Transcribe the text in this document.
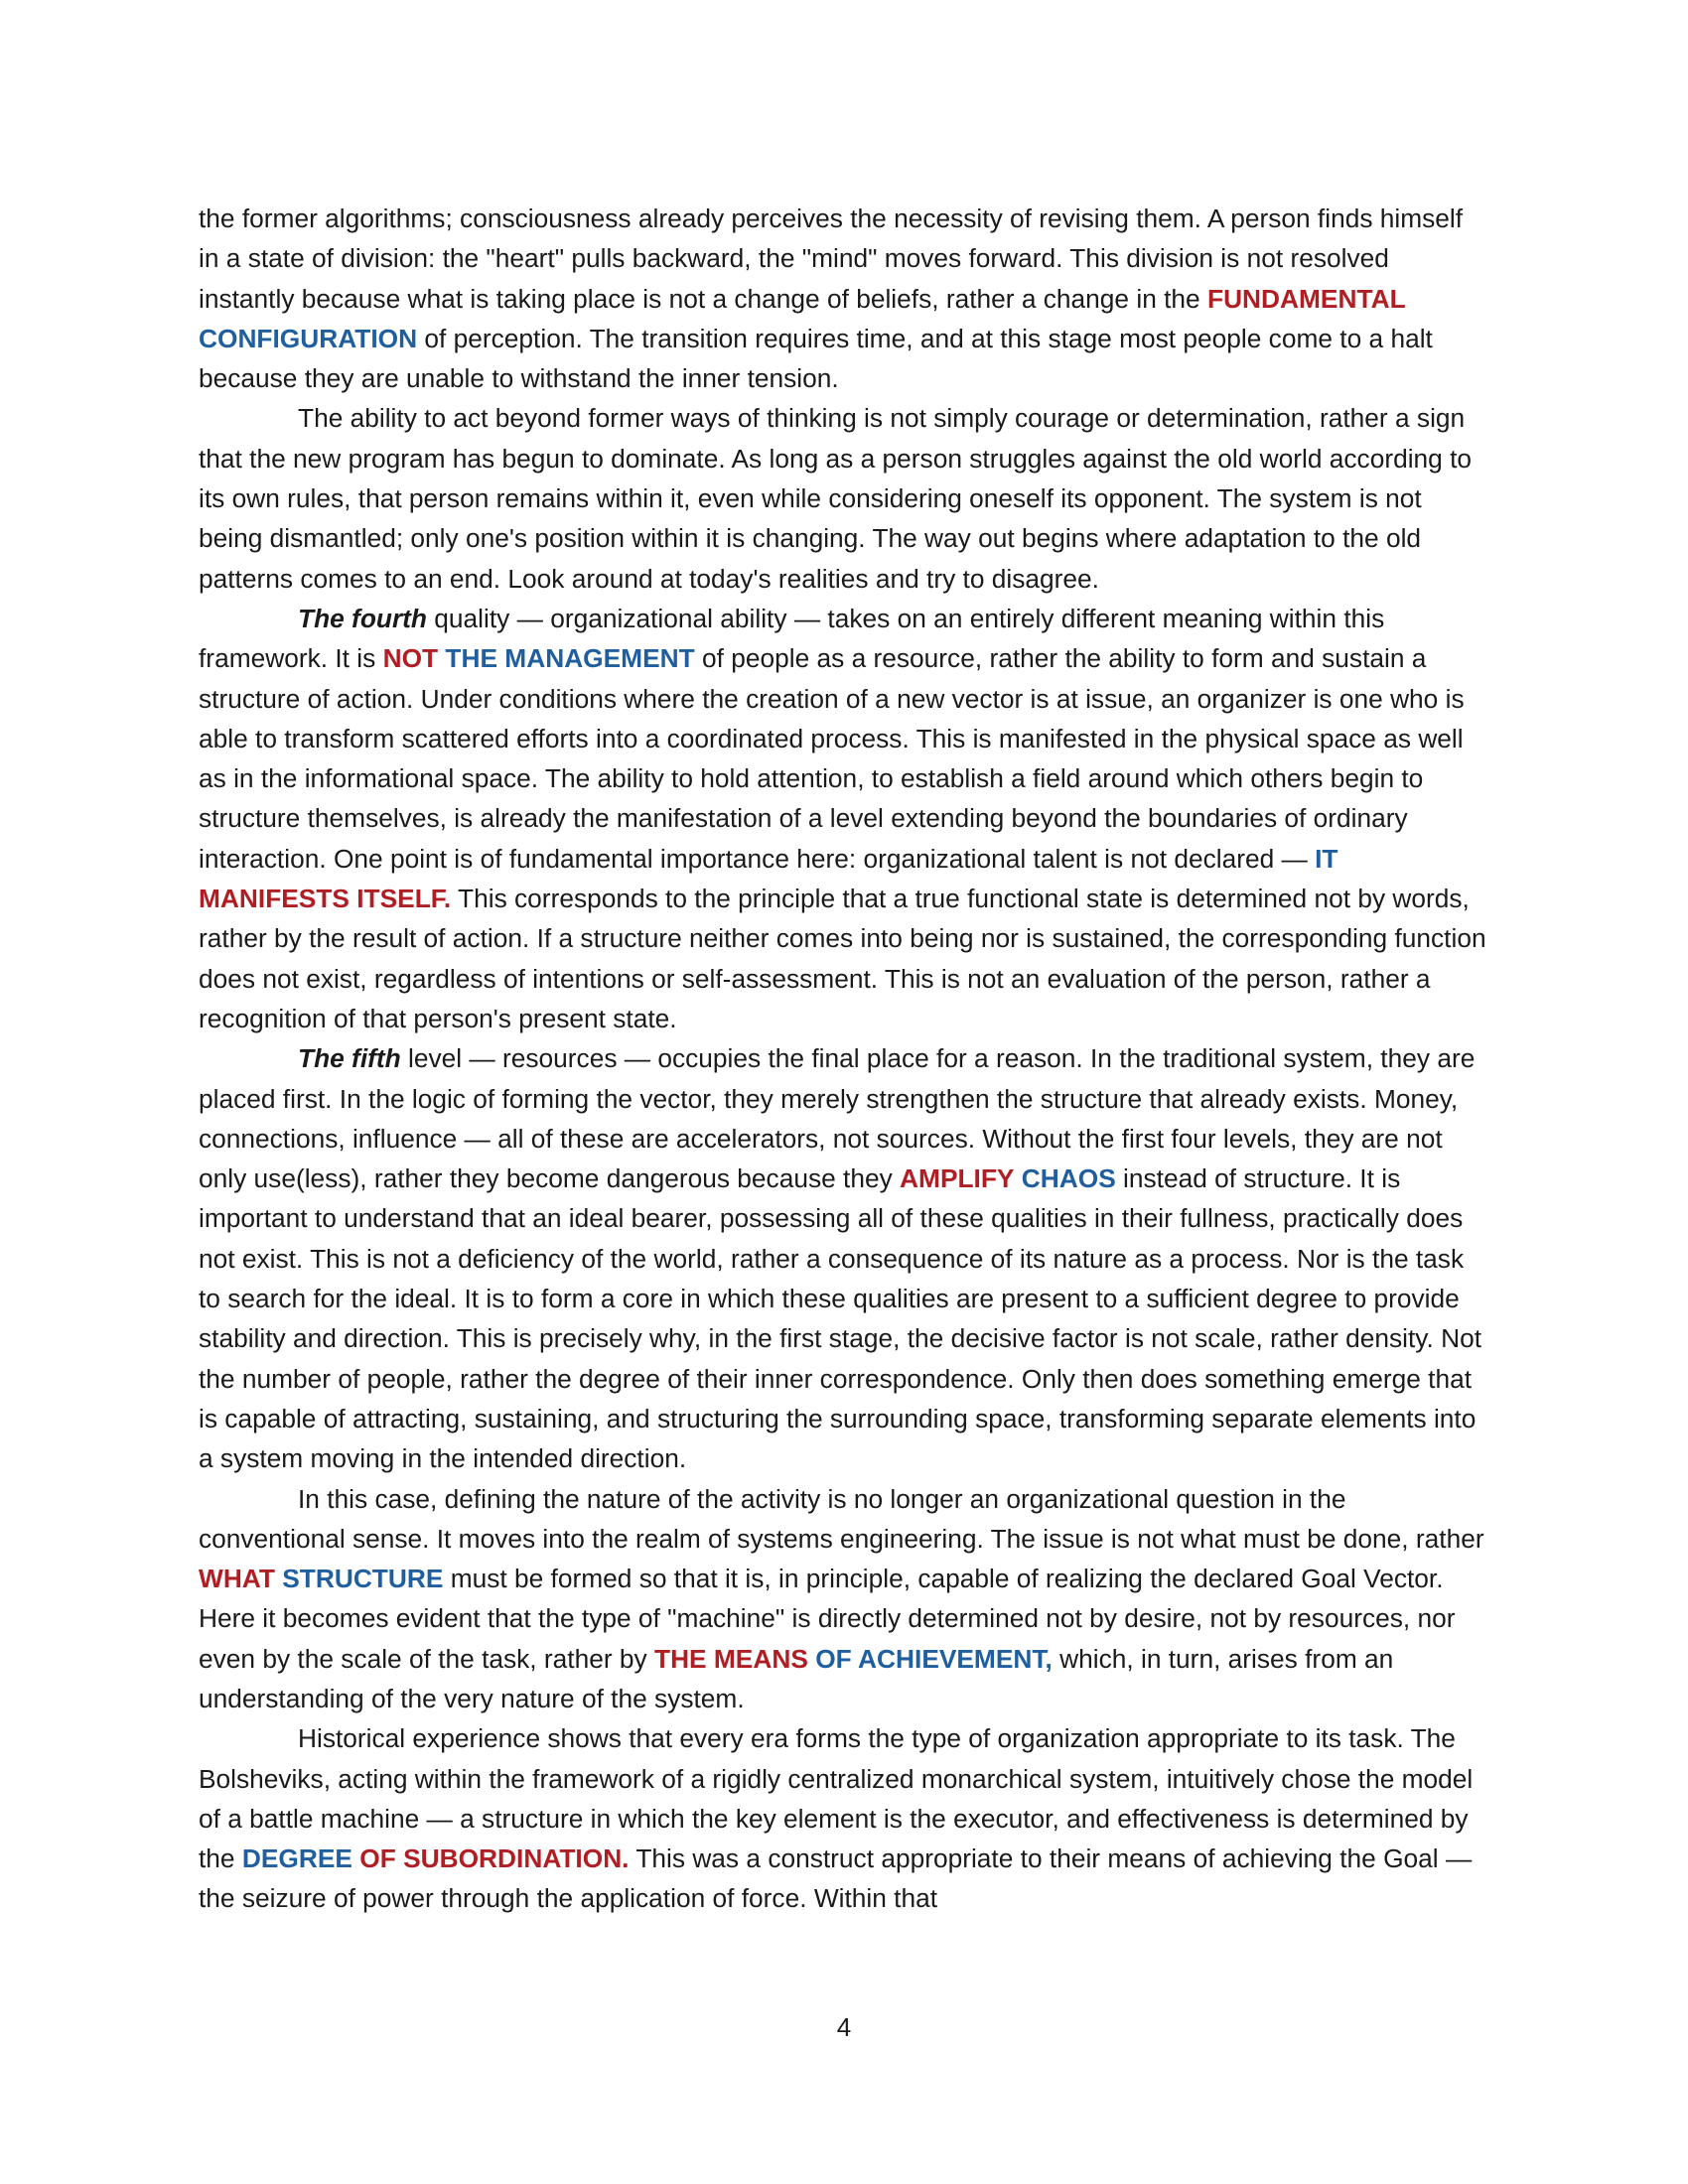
the former algorithms; consciousness already perceives the necessity of revising them. A person finds himself in a state of division: the "heart" pulls backward, the "mind" moves forward. This division is not resolved instantly because what is taking place is not a change of beliefs, rather a change in the FUNDAMENTAL CONFIGURATION of perception. The transition requires time, and at this stage most people come to a halt because they are unable to withstand the inner tension.

The ability to act beyond former ways of thinking is not simply courage or determination, rather a sign that the new program has begun to dominate. As long as a person struggles against the old world according to its own rules, that person remains within it, even while considering oneself its opponent. The system is not being dismantled; only one's position within it is changing. The way out begins where adaptation to the old patterns comes to an end. Look around at today's realities and try to disagree.

The fourth quality — organizational ability — takes on an entirely different meaning within this framework. It is NOT THE MANAGEMENT of people as a resource, rather the ability to form and sustain a structure of action. Under conditions where the creation of a new vector is at issue, an organizer is one who is able to transform scattered efforts into a coordinated process. This is manifested in the physical space as well as in the informational space. The ability to hold attention, to establish a field around which others begin to structure themselves, is already the manifestation of a level extending beyond the boundaries of ordinary interaction. One point is of fundamental importance here: organizational talent is not declared — IT MANIFESTS ITSELF. This corresponds to the principle that a true functional state is determined not by words, rather by the result of action. If a structure neither comes into being nor is sustained, the corresponding function does not exist, regardless of intentions or self-assessment. This is not an evaluation of the person, rather a recognition of that person's present state.

The fifth level — resources — occupies the final place for a reason. In the traditional system, they are placed first. In the logic of forming the vector, they merely strengthen the structure that already exists. Money, connections, influence — all of these are accelerators, not sources. Without the first four levels, they are not only use(less), rather they become dangerous because they AMPLIFY CHAOS instead of structure. It is important to understand that an ideal bearer, possessing all of these qualities in their fullness, practically does not exist. This is not a deficiency of the world, rather a consequence of its nature as a process. Nor is the task to search for the ideal. It is to form a core in which these qualities are present to a sufficient degree to provide stability and direction. This is precisely why, in the first stage, the decisive factor is not scale, rather density. Not the number of people, rather the degree of their inner correspondence. Only then does something emerge that is capable of attracting, sustaining, and structuring the surrounding space, transforming separate elements into a system moving in the intended direction.

In this case, defining the nature of the activity is no longer an organizational question in the conventional sense. It moves into the realm of systems engineering. The issue is not what must be done, rather WHAT STRUCTURE must be formed so that it is, in principle, capable of realizing the declared Goal Vector. Here it becomes evident that the type of "machine" is directly determined not by desire, not by resources, nor even by the scale of the task, rather by THE MEANS OF ACHIEVEMENT, which, in turn, arises from an understanding of the very nature of the system.

Historical experience shows that every era forms the type of organization appropriate to its task. The Bolsheviks, acting within the framework of a rigidly centralized monarchical system, intuitively chose the model of a battle machine — a structure in which the key element is the executor, and effectiveness is determined by the DEGREE OF SUBORDINATION. This was a construct appropriate to their means of achieving the Goal — the seizure of power through the application of force. Within that

4
